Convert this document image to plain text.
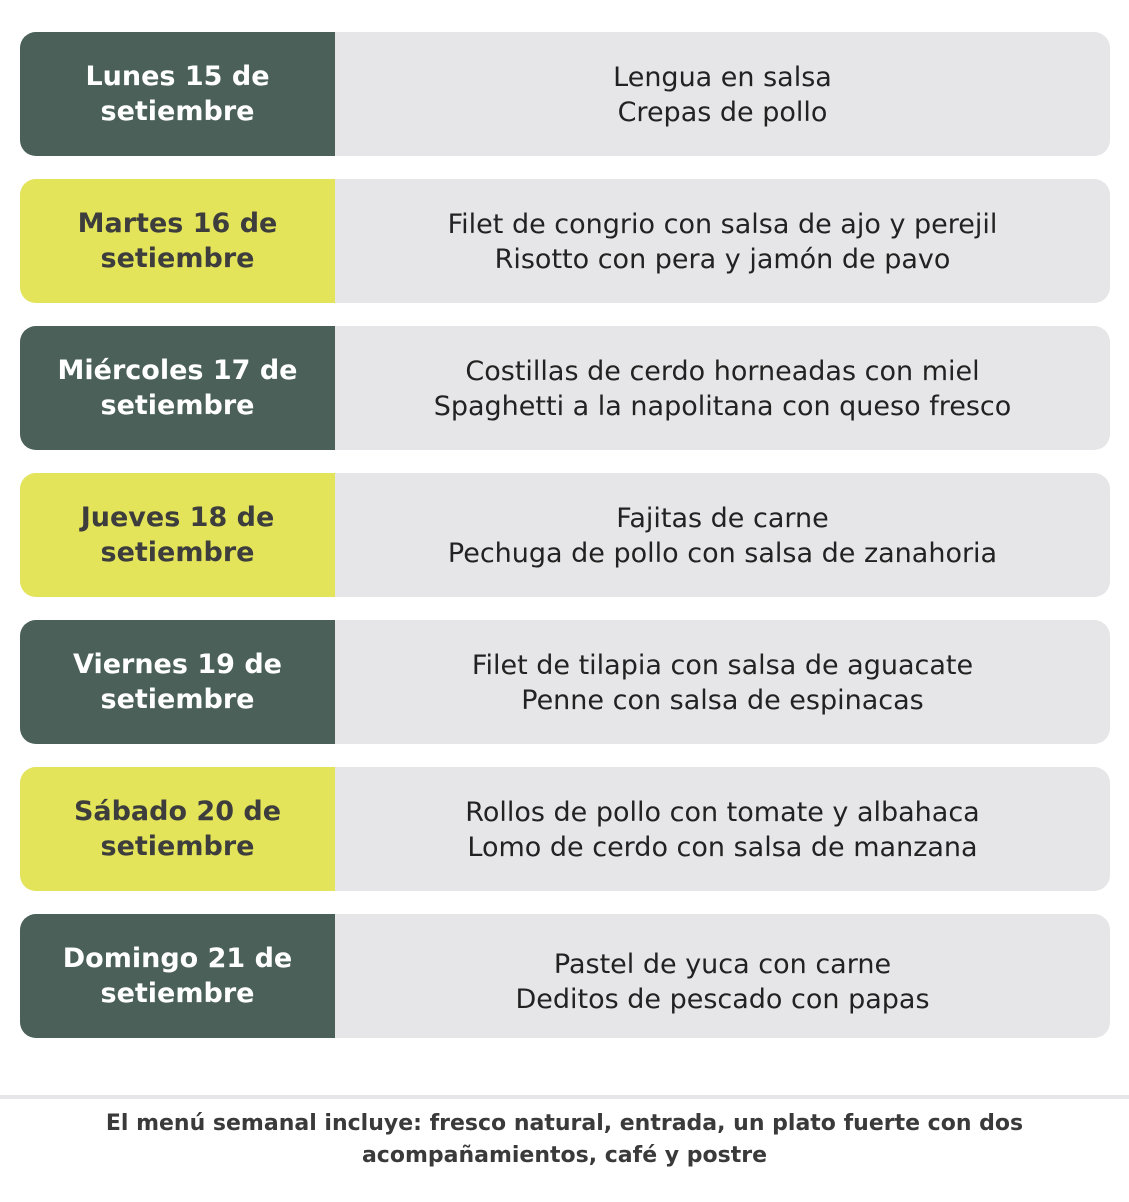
Lunes 15 de
setiembre
Lengua en salsa
Crepas de pollo
Martes 16 de
setiembre
Filet de congrio con salsa de ajo y perejil
Risotto con pera y jamón de pavo
Miércoles 17 de
setiembre
Costillas de cerdo horneadas con miel
Spaghetti a la napolitana con queso fresco
Jueves 18 de
setiembre
Fajitas de carne
Pechuga de pollo con salsa de zanahoria
Viernes 19 de
setiembre
Filet de tilapia con salsa de aguacate
Penne con salsa de espinacas
Sábado 20 de
setiembre
Rollos de pollo con tomate y albahaca
Lomo de cerdo con salsa de manzana
Domingo 21 de
setiembre
Pastel de yuca con carne
Deditos de pescado con papas
El menú semanal incluye: fresco natural, entrada, un plato fuerte con dos acompañamientos, café y postre
